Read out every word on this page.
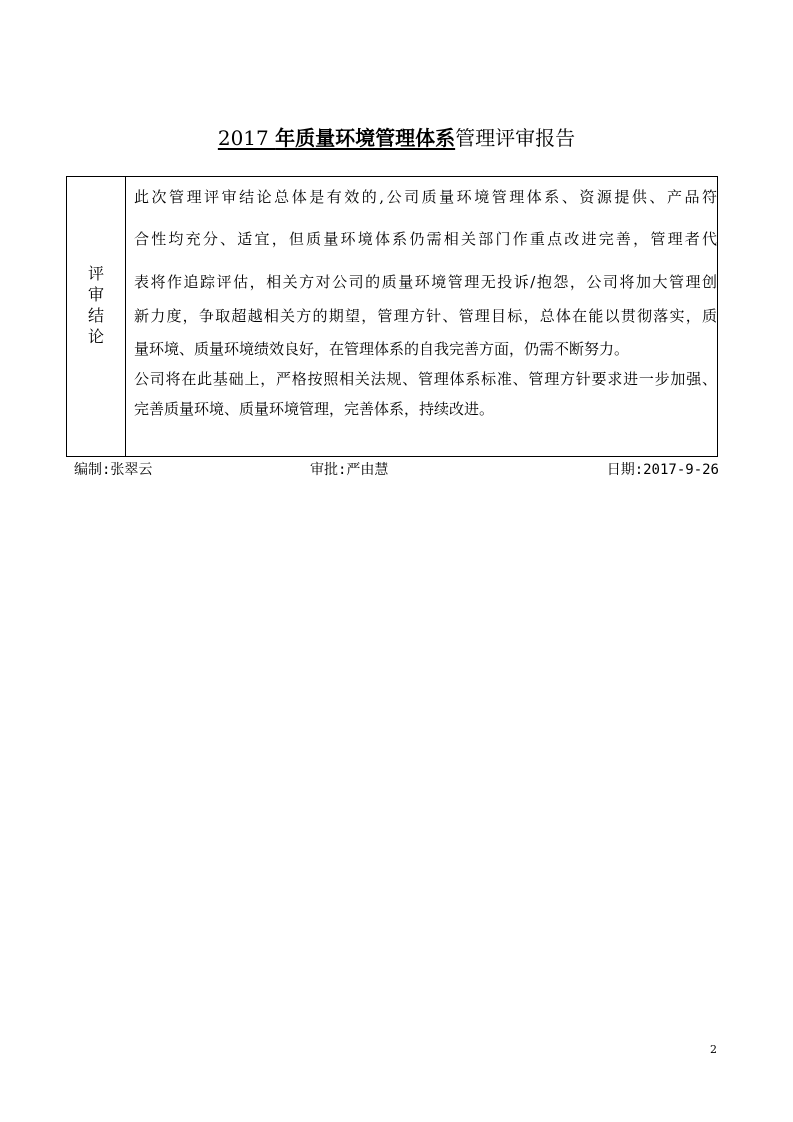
2017 年质量环境管理体系管理评审报告
评
审
结
论
此次管理评审结论总体是有效的,公司质量环境管理体系、资源提供、产品符
合性均充分、适宜，但质量环境体系仍需相关部门作重点改进完善，管理者代
表将作追踪评估，相关方对公司的质量环境管理无投诉/抱怨，公司将加大管理创
新力度，争取超越相关方的期望，管理方针、管理目标，总体在能以贯彻落实，质
量环境、质量环境绩效良好，在管理体系的自我完善方面，仍需不断努力。
公司将在此基础上，严格按照相关法规、管理体系标准、管理方针要求进一步加强、
完善质量环境、质量环境管理，完善体系，持续改进。
编制:张翠云	审批:严由慧	日期:2017-9-26
2
